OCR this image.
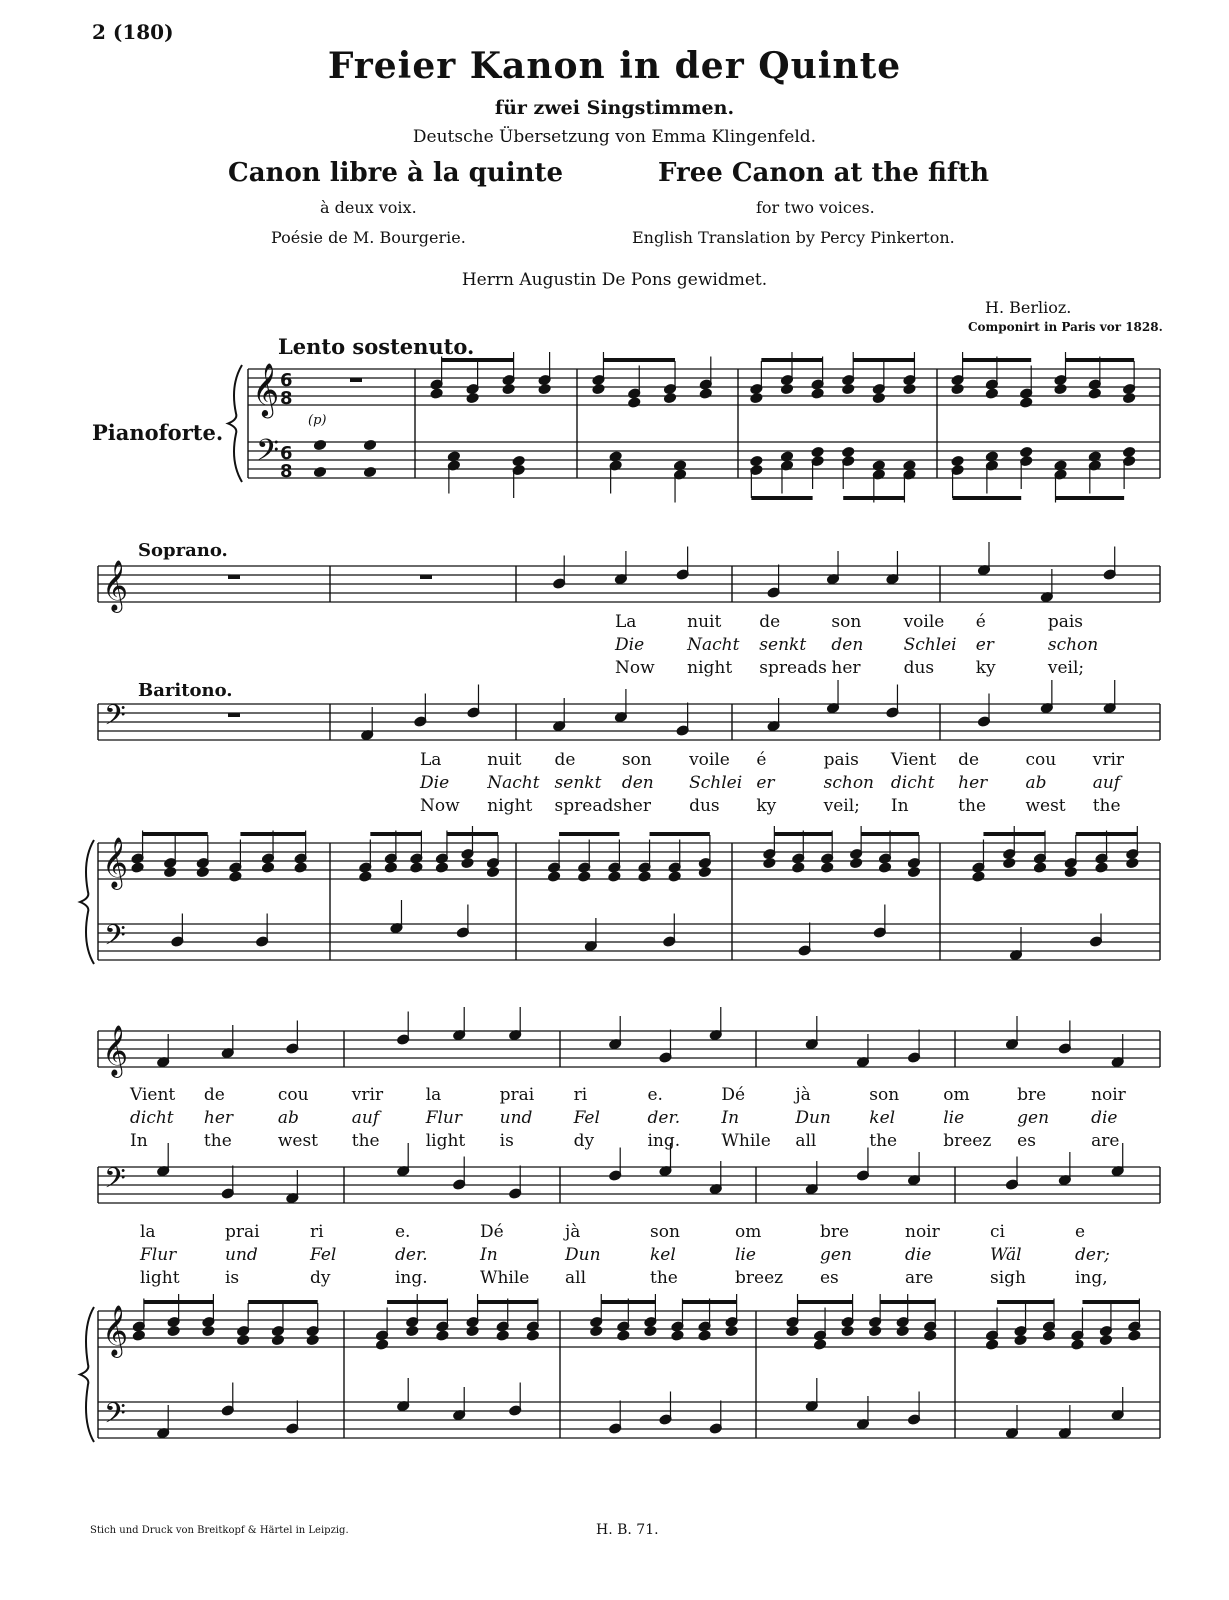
2 (180)
Freier Kanon in der Quinte
für zwei Singstimmen.
Deutsche Übersetzung von Emma Klingenfeld.
Canon libre à la quinte	Free Canon at the fifth
à deux voix.	for two voices.
Poésie de M. Bourgerie.	English Translation by Percy Pinkerton.
Herrn Augustin De Pons gewidmet.
H. Berlioz.
Componirt in Paris vor 1828.
Lento sostenuto.
Pianoforte.	(p)
Soprano.
Baritono.
La	nuit de	son voile é	pais
Die	Nacht senkt den Schlei er	schon
Now night spreads her	dus ky	veil;
La	nuit de	son voile é	pais Vient de	cou vrir
Die Nacht senkt den Schlei er	schon dicht her ab	auf
Now night spreads her dus ky	veil; In	the west the
Vient de	cou	vrir	la	prai ri	e.	Dé	jà	son	om	bre	noir
dicht her	ab	auf	Flur und Fel	der. In	Dun kel	lie	gen die
In	the	west the	light is	dy	ing. While all	the	breez es	are
la	prai	ri	e.	Dé	jà	son	om	bre	noir	ci	e
Flur	und	Fel	der.	In	Dun	kel	lie	gen	die	Wäl	der;
light	is	dy	ing.	While all	the	breez es	are	sigh	ing,
𝄞
𝄢
6
8
6
8
𝄞
𝄢
𝄞
𝄢
𝄞
𝄢
𝄞
𝄢
Stich und Druck von Breitkopf & Härtel in Leipzig.	H. B. 71.
